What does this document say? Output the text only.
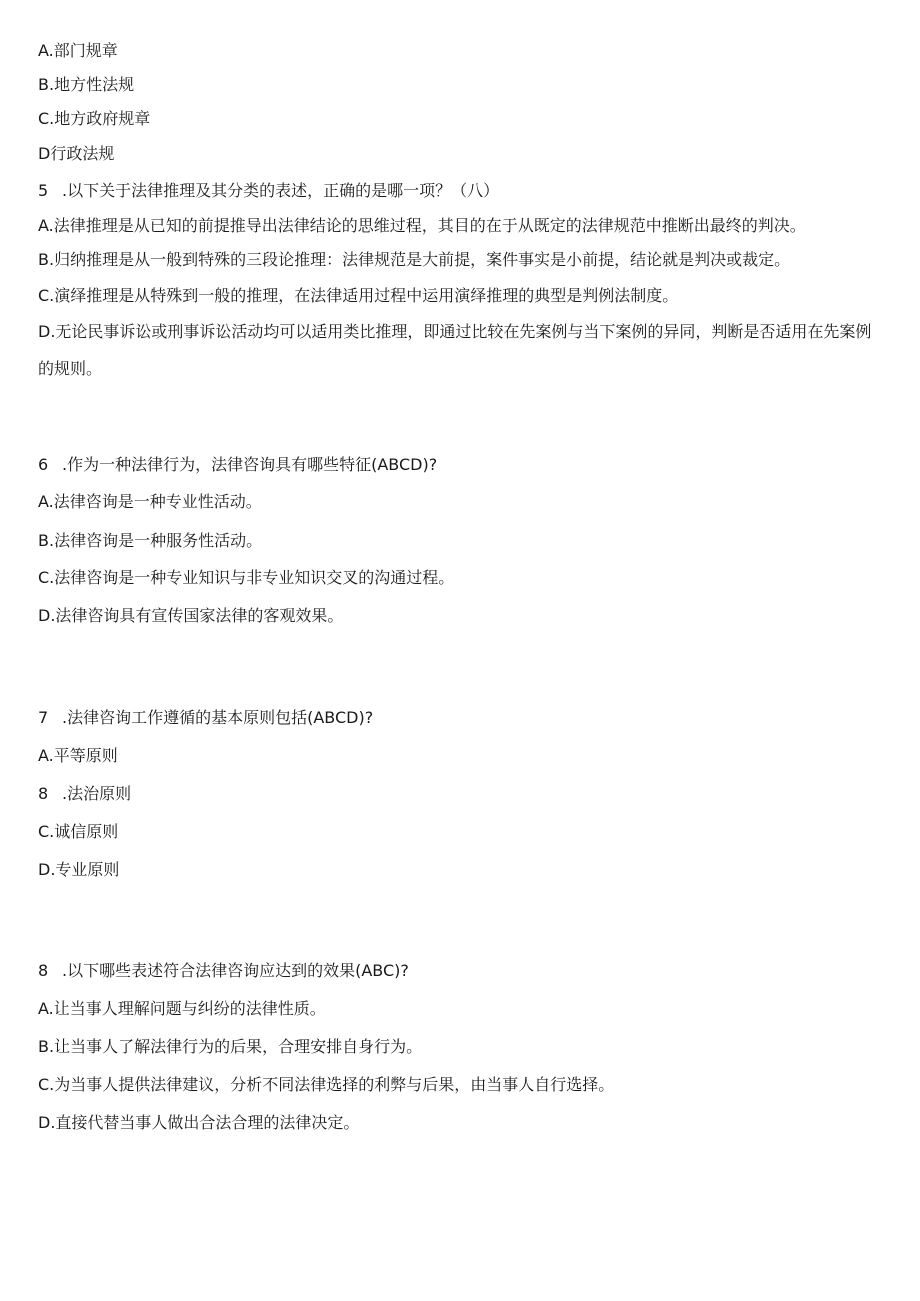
A.部门规章
B.地方性法规
C.地方政府规章
D行政法规
5 .以下关于法律推理及其分类的表述，正确的是哪一项？（八）
A.法律推理是从已知的前提推导出法律结论的思维过程，其目的在于从既定的法律规范中推断出最终的判决。
B.归纳推理是从一般到特殊的三段论推理：法律规范是大前提，案件事实是小前提，结论就是判决或裁定。
C.演绎推理是从特殊到一般的推理，在法律适用过程中运用演绎推理的典型是判例法制度。
D.无论民事诉讼或刑事诉讼活动均可以适用类比推理，即通过比较在先案例与当下案例的异同，判断是否适用在先案例的规则。
6 .作为一种法律行为，法律咨询具有哪些特征(ABCD)?
A.法律咨询是一种专业性活动。
B.法律咨询是一种服务性活动。
C.法律咨询是一种专业知识与非专业知识交叉的沟通过程。
D.法律咨询具有宣传国家法律的客观效果。
7 .法律咨询工作遵循的基本原则包括(ABCD)?
A.平等原则
8 .法治原则
C.诚信原则
D.专业原则
8 .以下哪些表述符合法律咨询应达到的效果(ABC)?
A.让当事人理解问题与纠纷的法律性质。
B.让当事人了解法律行为的后果，合理安排自身行为。
C.为当事人提供法律建议，分析不同法律选择的利弊与后果，由当事人自行选择。
D.直接代替当事人做出合法合理的法律决定。
